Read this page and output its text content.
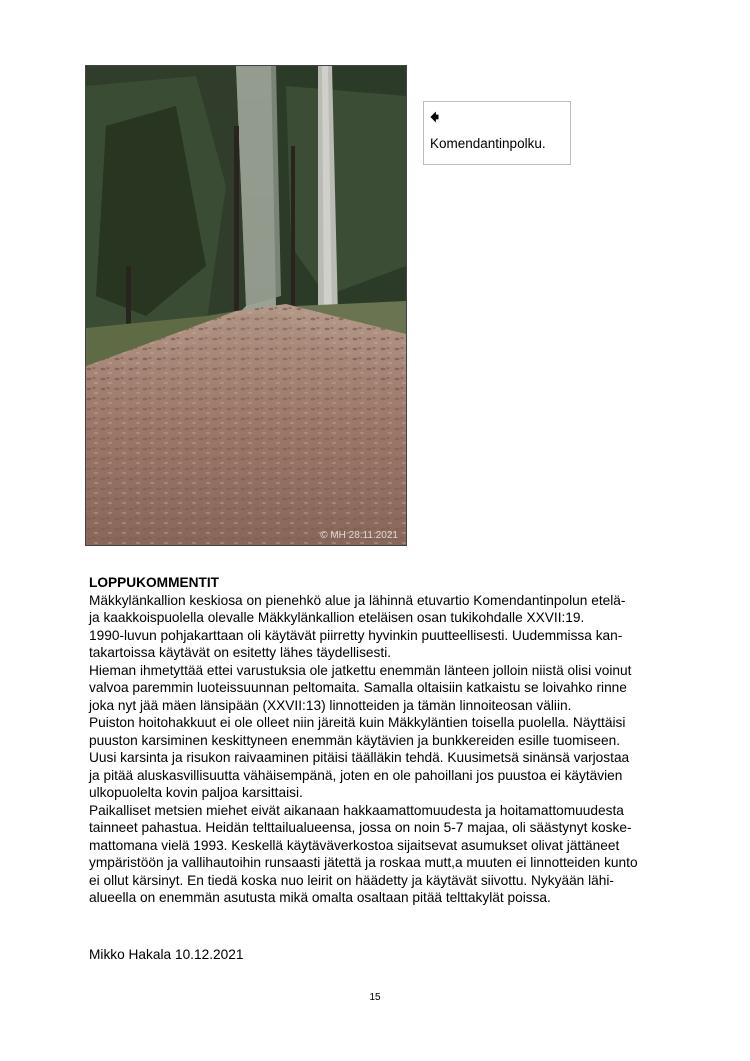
© MH 28.11.2021
🠸
Komendantinpolku.
LOPPUKOMMENTIT
Mäkkylänkallion keskiosa on pienehkö alue ja lähinnä etuvartio Komendantinpolun etelä-
ja kaakkoispuolella olevalle Mäkkylänkallion eteläisen osan tukikohdalle XXVII:19.
1990-luvun pohjakarttaan oli käytävät piirretty hyvinkin puutteellisesti. Uudemmissa kan-
takartoissa käytävät on esitetty lähes täydellisesti.
Hieman ihmetyttää ettei varustuksia ole jatkettu enemmän länteen jolloin niistä olisi voinut
valvoa paremmin luoteissuunnan peltomaita. Samalla oltaisiin katkaistu se loivahko rinne
joka nyt jää mäen länsipään (XXVII:13) linnotteiden ja tämän linnoiteosan väliin.
Puiston hoitohakkuut ei ole olleet niin järeitä kuin Mäkkyläntien toisella puolella. Näyttäisi
puuston karsiminen keskittyneen enemmän käytävien ja bunkkereiden esille tuomiseen.
Uusi karsinta ja risukon raivaaminen pitäisi täälläkin tehdä. Kuusimetsä sinänsä varjostaa
ja pitää aluskasvillisuutta vähäisempänä, joten en ole pahoillani jos puustoa ei käytävien
ulkopuolelta kovin paljoa karsittaisi.
Paikalliset metsien miehet eivät aikanaan hakkaamattomuudesta ja hoitamattomuudesta
tainneet pahastua. Heidän telttailualueensa, jossa on noin 5-7 majaa, oli säästynyt koske-
mattomana vielä 1993. Keskellä käytäväverkostoa sijaitsevat asumukset olivat jättäneet
ympäristöön ja vallihautoihin runsaasti jätettä ja roskaa mutt,a muuten ei linnotteiden kunto
ei ollut kärsinyt. En tiedä koska nuo leirit on häädetty ja käytävät siivottu. Nykyään lähi-
alueella on enemmän asutusta mikä omalta osaltaan pitää telttakylät poissa.
Mikko Hakala 10.12.2021
15
